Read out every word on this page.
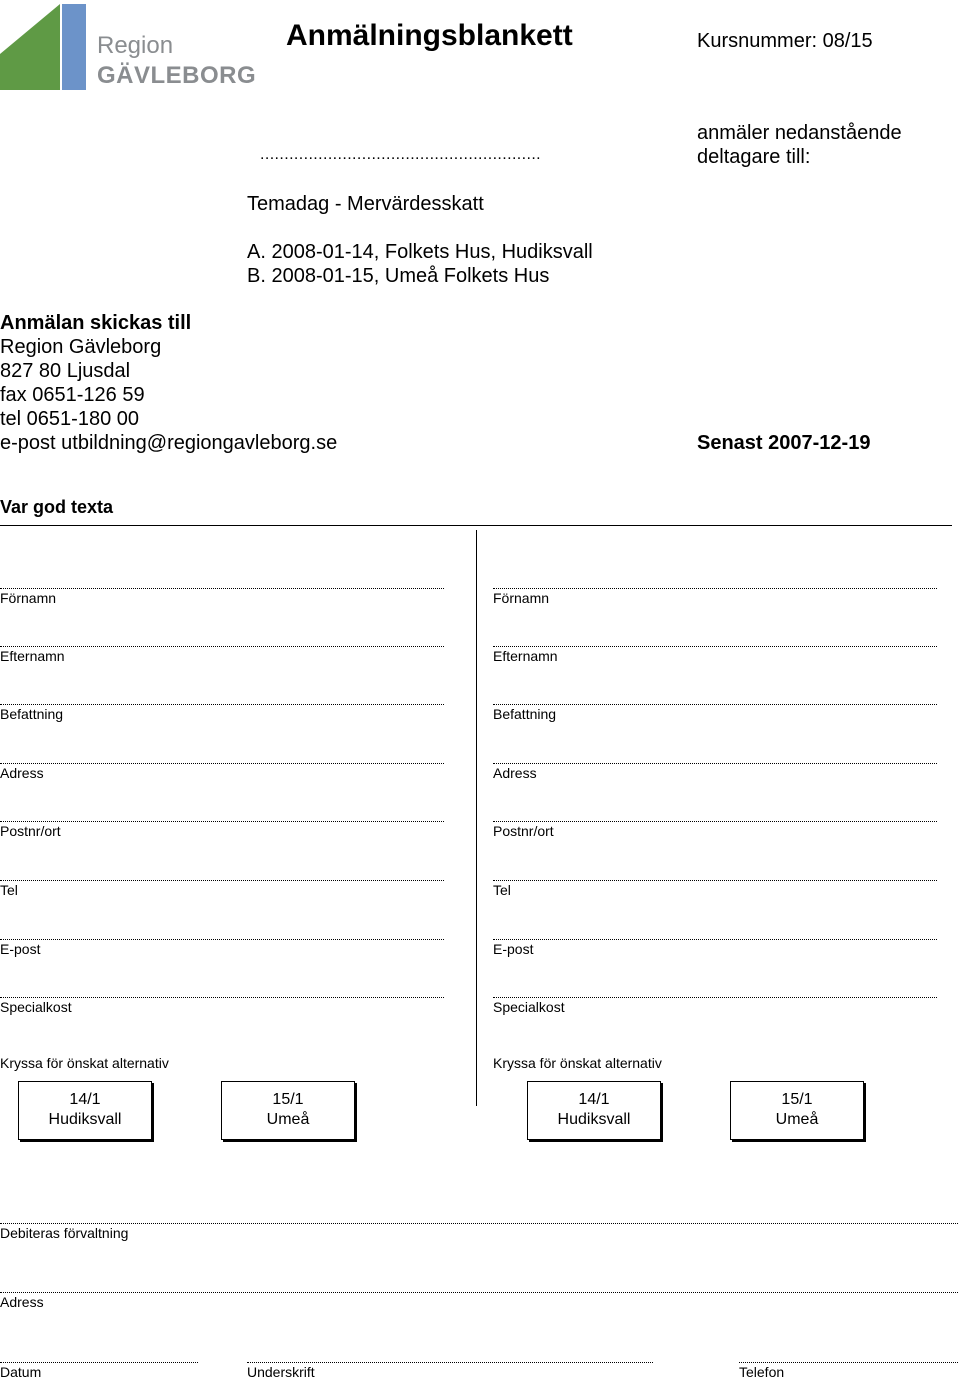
Region
GÄVLEBORG
Anmälningsblankett	Kursnummer: 08/15
..........................................................
anmäler nedanstående
deltagare till:
Temadag - Mervärdesskatt
A. 2008-01-14, Folkets Hus, Hudiksvall
B. 2008-01-15, Umeå Folkets Hus
Anmälan skickas till
Region Gävleborg
827 80 Ljusdal
fax 0651-126 59
tel 0651-180 00
e-post utbildning@regiongavleborg.se	Senast 2007-12-19
Var god texta
Förnamn
Efternamn
Befattning
Adress
Postnr/ort
Tel
E-post
Specialkost
Kryssa för önskat alternativ
14/1
Hudiksvall
15/1
Umeå
Förnamn
Efternamn
Befattning
Adress
Postnr/ort
Tel
E-post
Specialkost
Kryssa för önskat alternativ
14/1
Hudiksvall
15/1
Umeå
Debiteras förvaltning
Adress
Datum	Underskrift	Telefon
